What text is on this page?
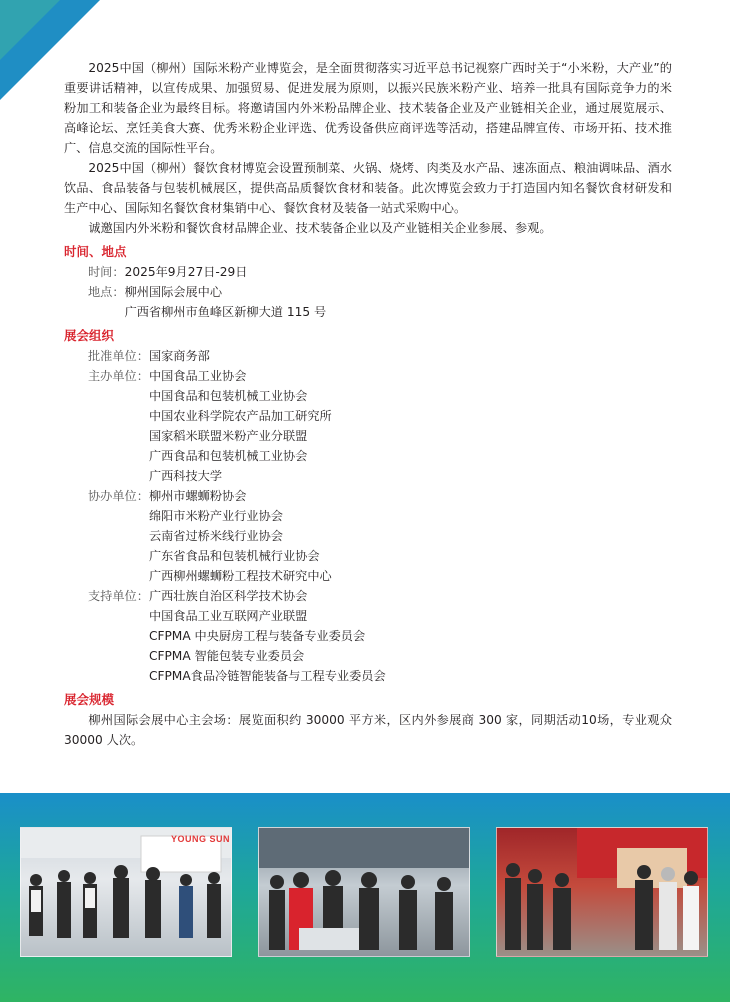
2025中国（柳州）国际米粉产业博览会，是全面贯彻落实习近平总书记视察广西时关于“小米粉，大产业”的重要讲话精神，以宣传成果、加强贸易、促进发展为原则，以振兴民族米粉产业、培养一批具有国际竞争力的米粉加工和装备企业为最终目标。将邀请国内外米粉品牌企业、技术装备企业及产业链相关企业，通过展览展示、高峰论坛、烹饪美食大赛、优秀米粉企业评选、优秀设备供应商评选等活动，搭建品牌宣传、市场开拓、技术推广、信息交流的国际性平台。

2025中国（柳州）餐饮食材博览会设置预制菜、火锅、烧烤、肉类及水产品、速冻面点、粮油调味品、酒水饮品、食品装备与包装机械展区，提供高品质餐饮食材和装备。此次博览会致力于打造国内知名餐饮食材研发和生产中心、国际知名餐饮食材集销中心、餐饮食材及装备一站式采购中心。

诚邀国内外米粉和餐饮食材品牌企业、技术装备企业以及产业链相关企业参展、参观。

时间、地点
时间： 2025年9月27日-29日
地点： 柳州国际会展中心
广西省柳州市鱼峰区新柳大道 115 号
展会组织
批准单位： 国家商务部
主办单位： 中国食品工业协会
中国食品和包装机械工业协会
中国农业科学院农产品加工研究所
国家稻米联盟米粉产业分联盟
广西食品和包装机械工业协会
广西科技大学
协办单位： 柳州市螺蛳粉协会
绵阳市米粉产业行业协会
云南省过桥米线行业协会
广东省食品和包装机械行业协会
广西柳州螺蛳粉工程技术研究中心
支持单位： 广西壮族自治区科学技术协会
中国食品工业互联网产业联盟
CFPMA 中央厨房工程与装备专业委员会
CFPMA 智能包装专业委员会
CFPMA食品冷链智能装备与工程专业委员会
展会规模

柳州国际会展中心主会场：展览面积约 30000 平方米，区内外参展商 300 家，同期活动10场，专业观众 30000 人次。

YOUNG SUN
